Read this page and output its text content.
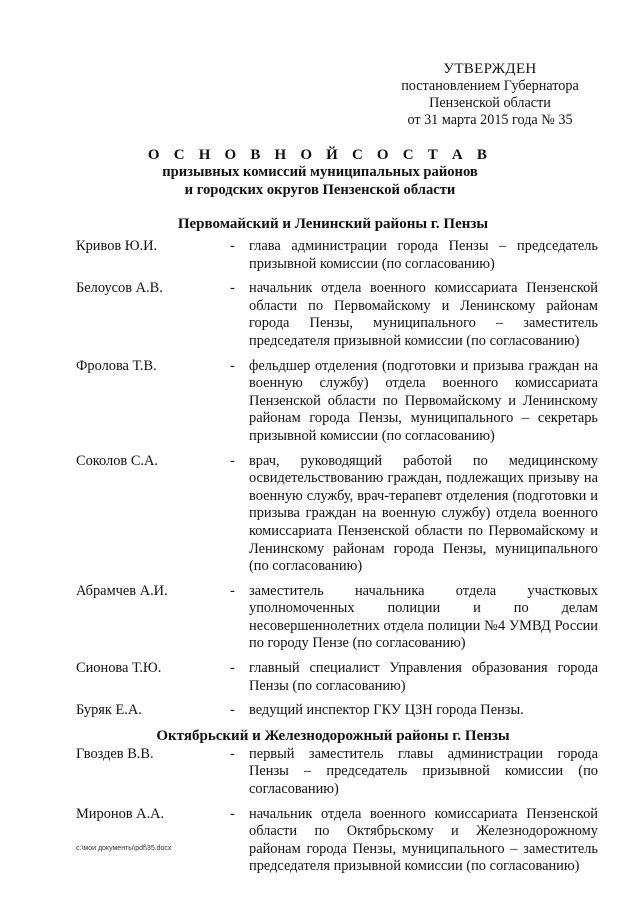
УТВЕРЖДЕН
постановлением Губернатора
Пензенской области
от 31 марта 2015 года № 35
О С Н О В Н О Й С О С Т А В
призывных комиссий муниципальных районов
и городских округов Пензенской области
Первомайский и Ленинский районы г. Пензы
Кривов Ю.И.	- глава администрации города Пензы – председатель призывной комиссии (по согласованию)
Белоусов А.В.	- начальник отдела военного комиссариата Пензенской области по Первомайскому и Ленинскому районам города Пензы, муниципального – заместитель председателя призывной комиссии (по согласованию)
Фролова Т.В.	- фельдшер отделения (подготовки и призыва граждан на военную службу) отдела военного комиссариата Пензенской области по Первомайскому и Ленинскому районам города Пензы, муниципального – секретарь призывной комиссии (по согласованию)
Соколов С.А.	- врач, руководящий работой по медицинскому освидетельствованию граждан, подлежащих призыву на военную службу, врач-терапевт отделения (подготовки и призыва граждан на военную службу) отдела военного комиссариата Пензенской области по Первомайскому и Ленинскому районам города Пензы, муниципального (по согласованию)
Абрамчев А.И.	- заместитель начальника отдела участковых уполномоченных полиции и по делам несовершеннолетних отдела полиции №4 УМВД России по городу Пензе (по согласованию)
Сионова Т.Ю.	- главный специалист Управления образования города Пензы (по согласованию)
Буряк Е.А.	- ведущий инспектор ГКУ ЦЗН города Пензы.
Октябрьский и Железнодорожный районы г. Пензы
Гвоздев В.В.	- первый заместитель главы администрации города Пензы – председатель призывной комиссии (по согласованию)
Миронов А.А.	- начальник отдела военного комиссариата Пензенской области по Октябрьскому и Железнодорожному районам города Пензы, муниципального – заместитель председателя призывной комиссии (по согласованию)
c:\мои документы\pdf\35.docx
